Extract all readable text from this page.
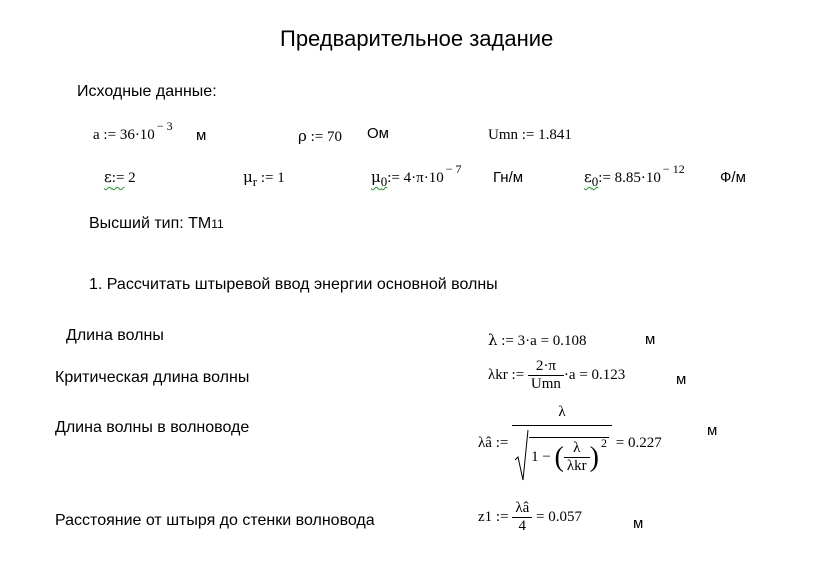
Предварительное задание
Исходные данные:
a := $36\cdot 10^{- 3}$
м	ρ := 70 Ом	Umn := 1.841
ε:= 2	$\mu_r$ := 1	$\mu_0:= 4\cdot\pi\cdot 10^{- 7}$ Гн/м	$\varepsilon_0:= 8.85\cdot 10^{- 12}$ Ф/м
Высший тип: ТМ11
1. Рассчитать штыревой ввод энергии основной волны
Длина волны	λ := 3·a = 0.108	м
Критическая длина волны	λkr
:=
$\frac{2\cdot\pi}{\text{Umn}} \cdot a$
=
0.123	м
Длина волны в волноводе
λâ
:=
λ
1
−
( $\frac{\lambda}{\text{λkr}} )^2$
=
0.227
м
Расстояние от штыря до стенки волновода	z1
:=
$\frac{\lambda â}{4}$
=
0.057	м
